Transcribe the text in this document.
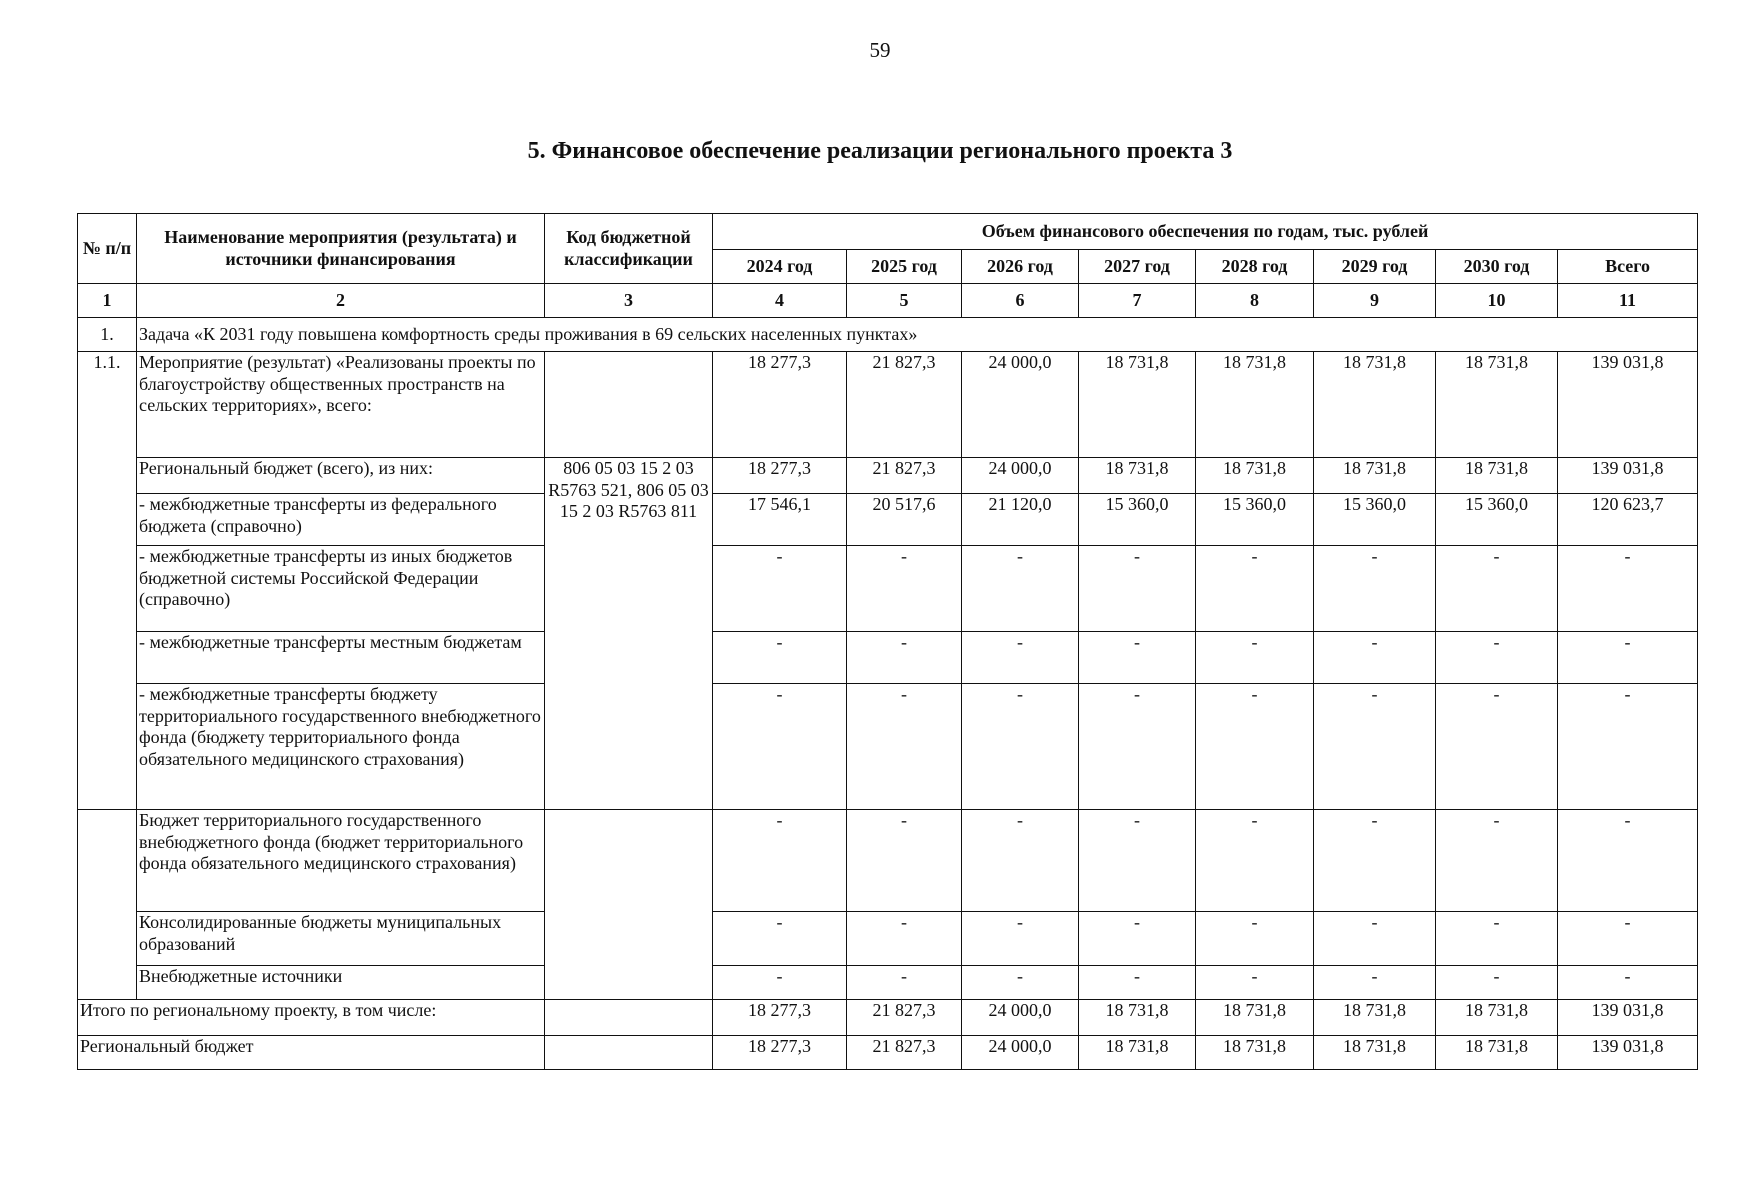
59
5. Финансовое обеспечение реализации регионального проекта 3
№ п/п	Наименование мероприятия (результата) и источники финансирования	Код бюджетной классификации	Объем финансового обеспечения по годам, тыс. рублей							
			2024 год	2025 год	2026 год	2027 год	2028 год	2029 год	2030 год	Всего
1	2	3	4	5	6	7	8	9	10	11
1.	Задача «К 2031 году повышена комфортность среды проживания в 69 сельских населенных пунктах»									
1.1.	Мероприятие (результат) «Реализованы проекты по благоустройству общественных пространств на сельских территориях», всего:		18 277,3	21 827,3	24 000,0	18 731,8	18 731,8	18 731,8	18 731,8	139 031,8
	Региональный бюджет (всего), из них:	806 05 03 15 2 03 R5763 521, 806 05 03 15 2 03 R5763 811	18 277,3	21 827,3	24 000,0	18 731,8	18 731,8	18 731,8	18 731,8	139 031,8
	- межбюджетные трансферты из федерального бюджета (справочно)		17 546,1	20 517,6	21 120,0	15 360,0	15 360,0	15 360,0	15 360,0	120 623,7
	- межбюджетные трансферты из иных бюджетов бюджетной системы Российской Федерации (справочно)		-	-	-	-	-	-	-	-
	- межбюджетные трансферты местным бюджетам		-	-	-	-	-	-	-	-
	- межбюджетные трансферты бюджету территориального государственного внебюджетного фонда (бюджету территориального фонда обязательного медицинского страхования)		-	-	-	-	-	-	-	-
	Бюджет территориального государственного внебюджетного фонда (бюджет территориального фонда обязательного медицинского страхования)		-	-	-	-	-	-	-	-
	Консолидированные бюджеты муниципальных образований		-	-	-	-	-	-	-	-
	Внебюджетные источники		-	-	-	-	-	-	-	-
Итого по региональному проекту, в том числе:			18 277,3	21 827,3	24 000,0	18 731,8	18 731,8	18 731,8	18 731,8	139 031,8
Региональный бюджет			18 277,3	21 827,3	24 000,0	18 731,8	18 731,8	18 731,8	18 731,8	139 031,8
